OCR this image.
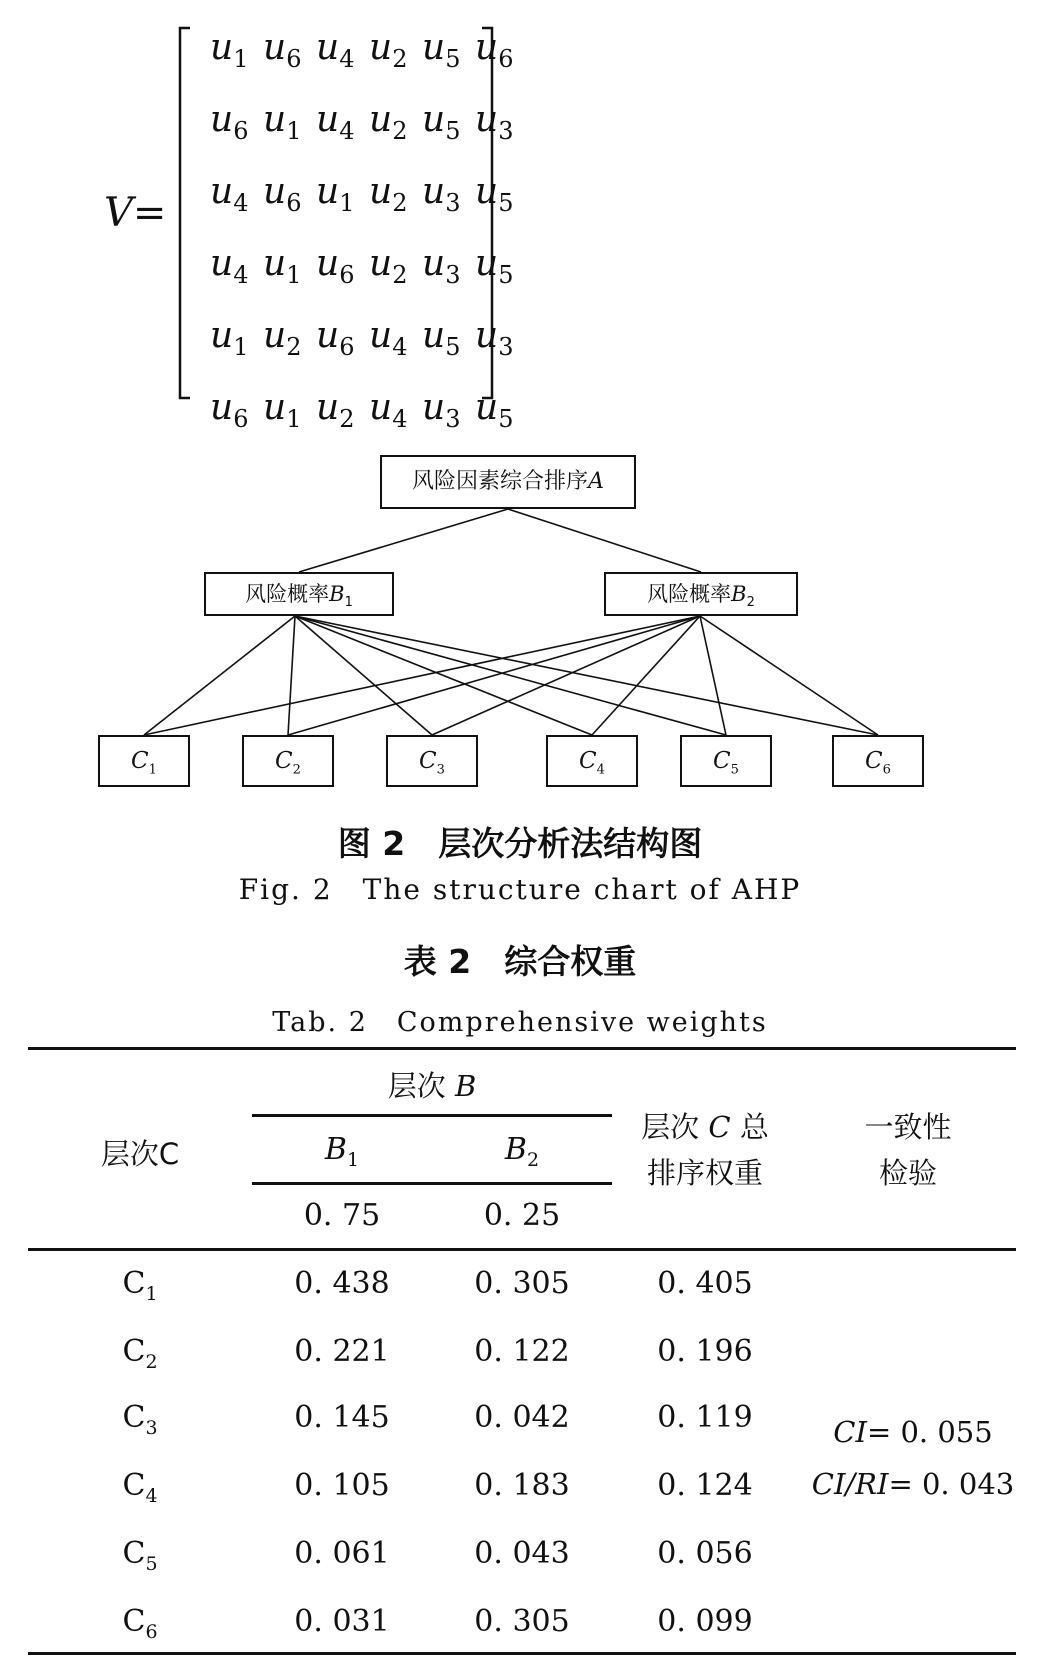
V=
$u_1$ $u_6$ $u_4$ $u_2$ $u_5$ $u_6$
$u_6$ $u_1$ $u_4$ $u_2$ $u_5$ $u_3$
$u_4$ $u_6$ $u_1$ $u_2$ $u_3$ $u_5$
$u_4$ $u_1$ $u_6$ $u_2$ $u_3$ $u_5$
$u_1$ $u_2$ $u_6$ $u_4$ $u_5$ $u_3$
$u_6$ $u_1$ $u_2$ $u_4$ $u_3$ $u_5$
风险因素综合排序A
风险概率$B_1$	风险概率$B_2$
$C_1$	$C_2$	$C_3$	$C_4$	$C_5$	$C_6$
图 2　层次分析法结构图
Fig. 2　The structure chart of AHP
表 2　综合权重
Tab. 2　Comprehensive weights
层次C
层次 B
$B_1$	$B_2$
0. 75	0. 25
层次 C 总
排序权重
一致性
检验
$C_1$	0. 438	0. 305	0. 405
$C_2$	0. 221	0. 122	0. 196
$C_3$	0. 145	0. 042	0. 119
$C_4$	0. 105	0. 183	0. 124
$C_5$	0. 061	0. 043	0. 056
$C_6$	0. 031	0. 305	0. 099
CI= 0. 055
CI/RI= 0. 043
